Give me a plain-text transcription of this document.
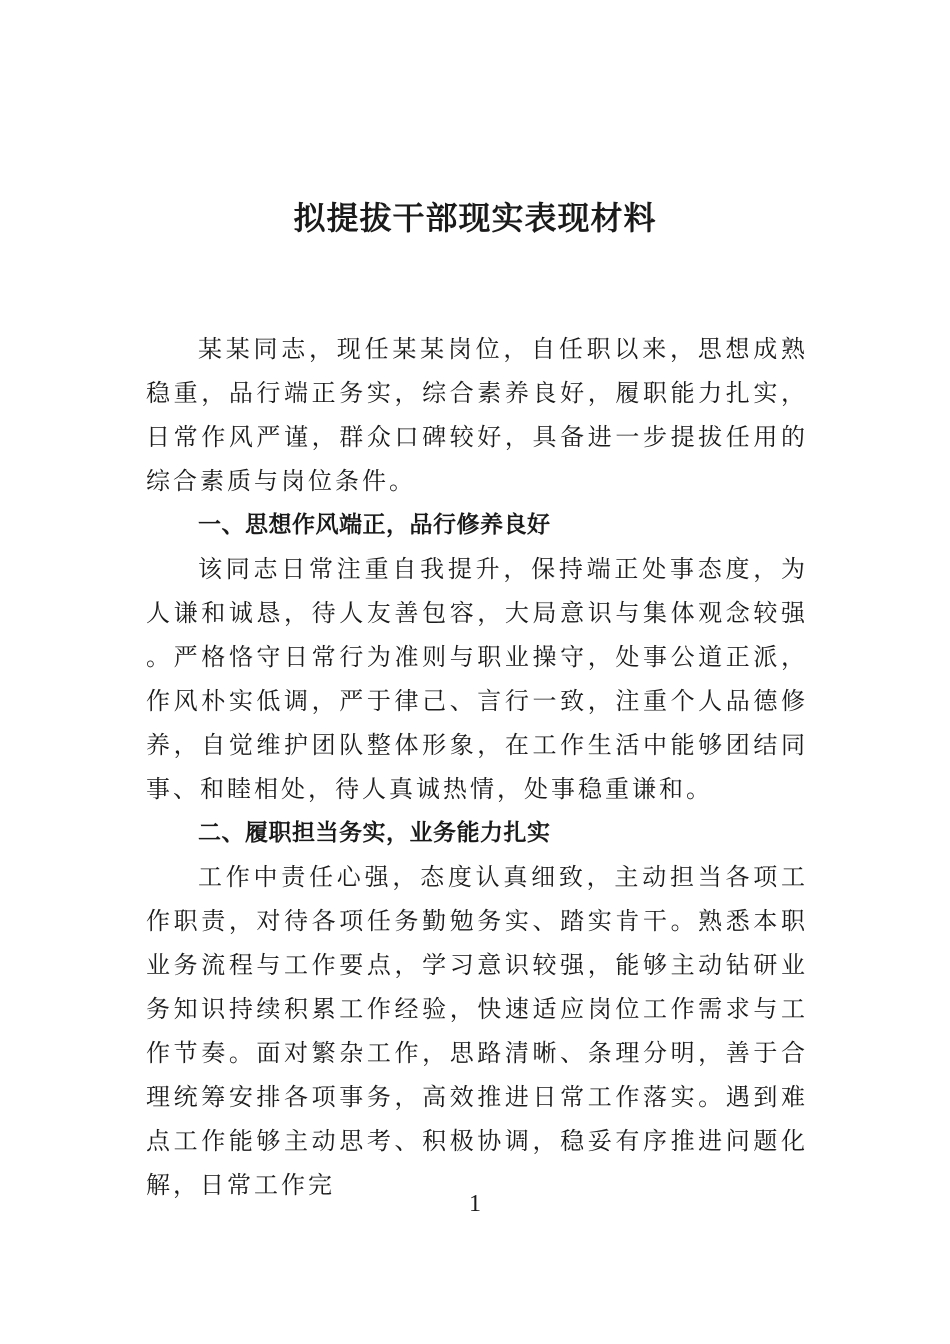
拟提拔干部现实表现材料

某某同志，现任某某岗位，自任职以来，思想成熟稳重，品行端正务实，综合素养良好，履职能力扎实，日常作风严谨，群众口碑较好，具备进一步提拔任用的综合素质与岗位条件。

一、思想作风端正，品行修养良好

该同志日常注重自我提升，保持端正处事态度，为人谦和诚恳，待人友善包容，大局意识与集体观念较强。严格恪守日常行为准则与职业操守，处事公道正派，作风朴实低调，严于律己、言行一致，注重个人品德修养，自觉维护团队整体形象，在工作生活中能够团结同事、和睦相处，待人真诚热情，处事稳重谦和。

二、履职担当务实，业务能力扎实

工作中责任心强，态度认真细致，主动担当各项工作职责，对待各项任务勤勉务实、踏实肯干。熟悉本职业务流程与工作要点，学习意识较强，能够主动钻研业务知识持续积累工作经验，快速适应岗位工作需求与工作节奏。面对繁杂工作，思路清晰、条理分明，善于合理统筹安排各项事务，高效推进日常工作落实。遇到难点工作能够主动思考、积极协调，稳妥有序推进问题化解，日常工作完

1
